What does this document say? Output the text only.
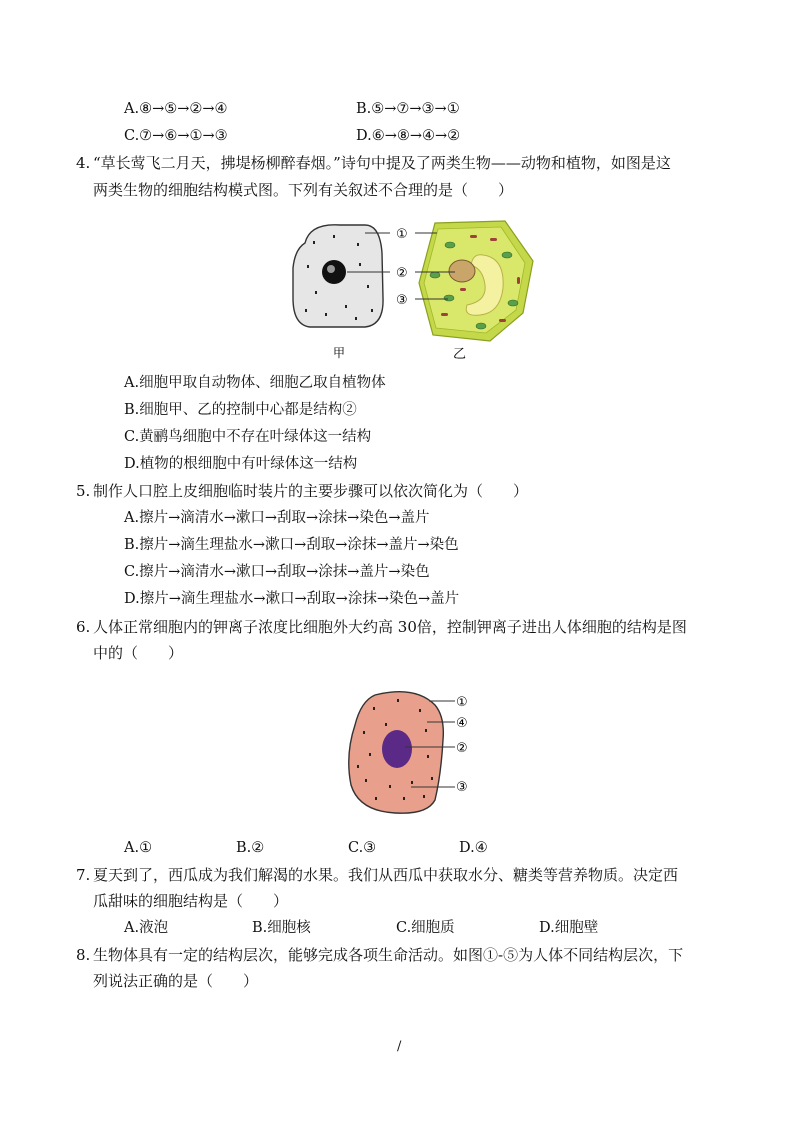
A.⑧→⑤→②→④	B.⑤→⑦→③→①
C.⑦→⑥→①→③	D.⑥→⑧→④→②
4. “草长莺飞二月天，拂堤杨柳醉春烟。”诗句中提及了两类生物——动物和植物，如图是这
两类生物的细胞结构模式图。下列有关叙述不合理的是（　　）
①
②
③
甲	乙
A.细胞甲取自动物体、细胞乙取自植物体
B.细胞甲、乙的控制中心都是结构②
C.黄鹂鸟细胞中不存在叶绿体这一结构
D.植物的根细胞中有叶绿体这一结构
5. 制作人口腔上皮细胞临时装片的主要步骤可以依次简化为（　　）
A.擦片→滴清水→漱口→刮取→涂抹→染色→盖片
B.擦片→滴生理盐水→漱口→刮取→涂抹→盖片→染色
C.擦片→滴清水→漱口→刮取→涂抹→盖片→染色
D.擦片→滴生理盐水→漱口→刮取→涂抹→染色→盖片
6. 人体正常细胞内的钾离子浓度比细胞外大约高 30倍，控制钾离子进出人体细胞的结构是图
中的（　　）
①
④
②
③
A.①	B.②	C.③	D.④
7. 夏天到了，西瓜成为我们解渴的水果。我们从西瓜中获取水分、糖类等营养物质。决定西
瓜甜味的细胞结构是（　　）
A.液泡	B.细胞核	C.细胞质	D.细胞壁
8. 生物体具有一定的结构层次，能够完成各项生命活动。如图①-⑤为人体不同结构层次，下
列说法正确的是（　　）
/
